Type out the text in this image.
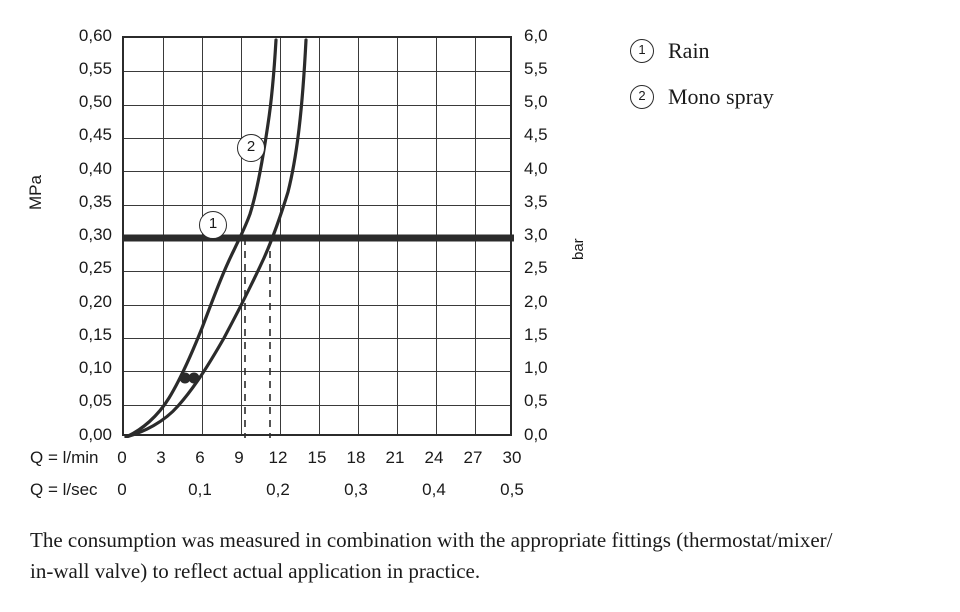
MPa
bar
0,60
0,55
0,50
0,45
0,40
0,35
0,30
0,25
0,20
0,15
0,10
0,05
0,00
6,0
5,5
5,0
4,5
4,0
3,5
3,0
2,5
2,0
1,5
1,0
0,5
0,0
1
2
Q = l/min	0	3	6	9	12	15	18	21	24	27	30
Q = l/sec	0	0,1	0,2	0,3	0,4	0,5
1	Rain
2	Mono spray
The consumption was measured in combination with the appropriate fittings (thermostat/mixer/
in-wall valve) to reflect actual application in practice.
